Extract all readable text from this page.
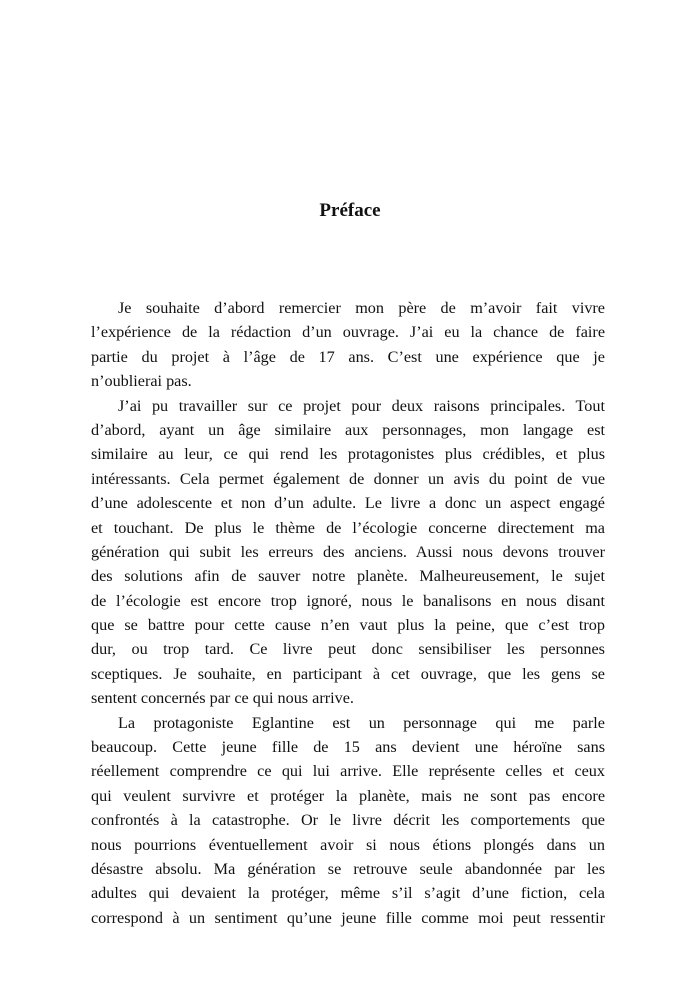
Préface
Je souhaite d’abord remercier mon père de m’avoir fait vivre
l’expérience de la rédaction d’un ouvrage. J’ai eu la chance de faire
partie du projet à l’âge de 17 ans. C’est une expérience que je
n’oublierai pas.
J’ai pu travailler sur ce projet pour deux raisons principales. Tout
d’abord, ayant un âge similaire aux personnages, mon langage est
similaire au leur, ce qui rend les protagonistes plus crédibles, et plus
intéressants. Cela permet également de donner un avis du point de vue
d’une adolescente et non d’un adulte. Le livre a donc un aspect engagé
et touchant. De plus le thème de l’écologie concerne directement ma
génération qui subit les erreurs des anciens. Aussi nous devons trouver
des solutions afin de sauver notre planète. Malheureusement, le sujet
de l’écologie est encore trop ignoré, nous le banalisons en nous disant
que se battre pour cette cause n’en vaut plus la peine, que c’est trop
dur, ou trop tard. Ce livre peut donc sensibiliser les personnes
sceptiques. Je souhaite, en participant à cet ouvrage, que les gens se
sentent concernés par ce qui nous arrive.
La protagoniste Eglantine est un personnage qui me parle
beaucoup. Cette jeune fille de 15 ans devient une héroïne sans
réellement comprendre ce qui lui arrive. Elle représente celles et ceux
qui veulent survivre et protéger la planète, mais ne sont pas encore
confrontés à la catastrophe. Or le livre décrit les comportements que
nous pourrions éventuellement avoir si nous étions plongés dans un
désastre absolu. Ma génération se retrouve seule abandonnée par les
adultes qui devaient la protéger, même s’il s’agit d’une fiction, cela
correspond à un sentiment qu’une jeune fille comme moi peut ressentir
